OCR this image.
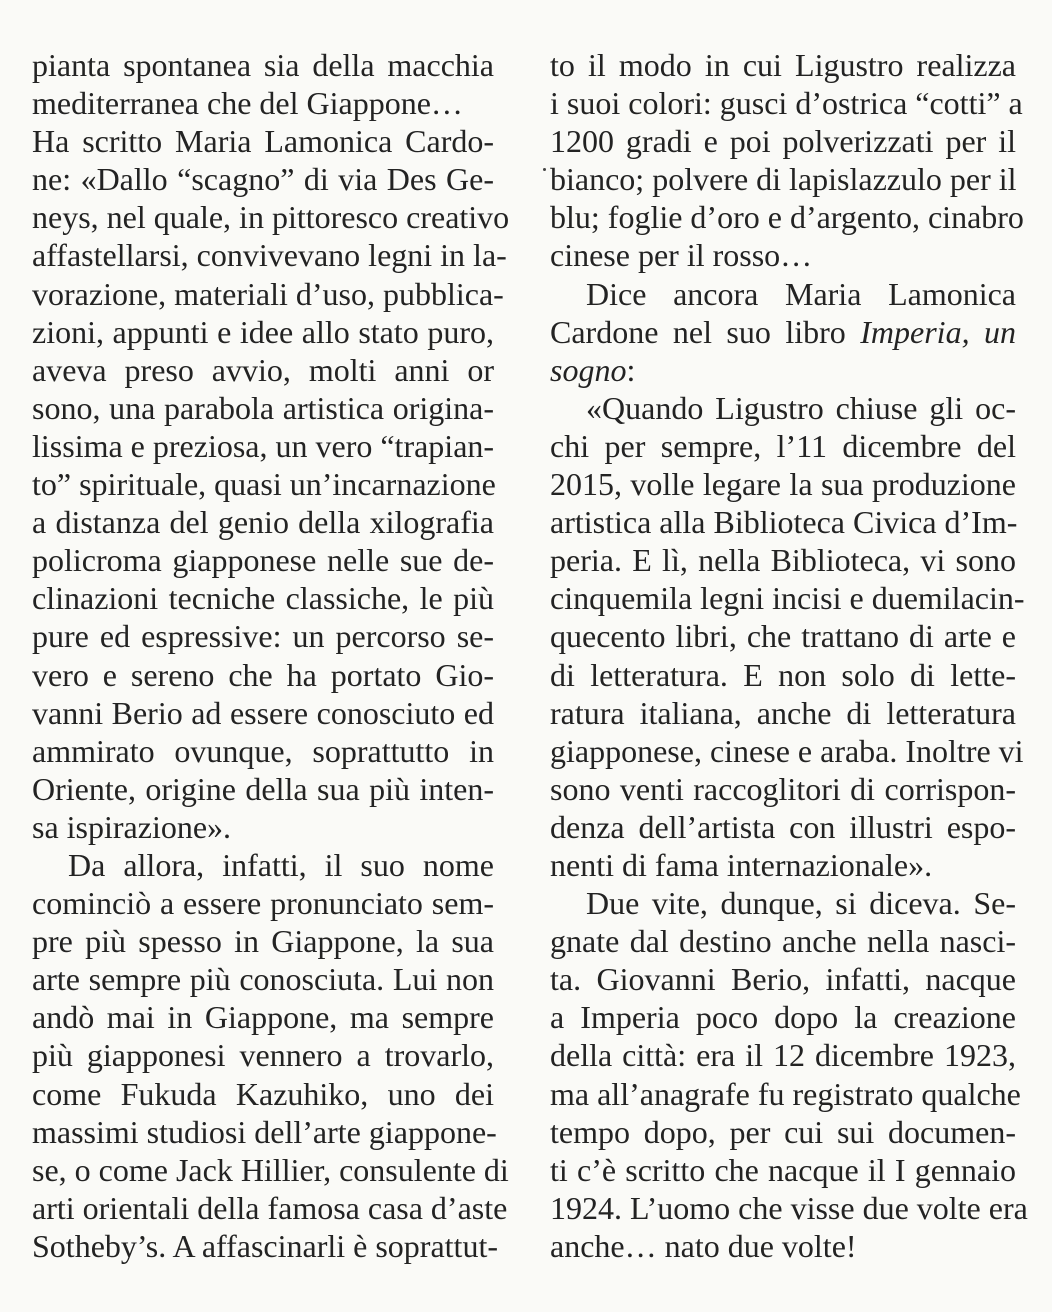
pianta spontanea sia della macchia
mediterranea che del Giappone…
Ha scritto Maria Lamonica Cardo-
ne: «Dallo “scagno” di via Des Ge-
neys, nel quale, in pittoresco creativo
affastellarsi, convivevano legni in la-
vorazione, materiali d’uso, pubblica-
zioni, appunti e idee allo stato puro,
aveva preso avvio, molti anni or
sono, una parabola artistica origina-
lissima e preziosa, un vero “trapian-
to” spirituale, quasi un’incarnazione
a distanza del genio della xilografia
policroma giapponese nelle sue de-
clinazioni tecniche classiche, le più
pure ed espressive: un percorso se-
vero e sereno che ha portato Gio-
vanni Berio ad essere conosciuto ed
ammirato ovunque, soprattutto in
Oriente, origine della sua più inten-
sa ispirazione».
Da allora, infatti, il suo nome
cominciò a essere pronunciato sem-
pre più spesso in Giappone, la sua
arte sempre più conosciuta. Lui non
andò mai in Giappone, ma sempre
più giapponesi vennero a trovarlo,
come Fukuda Kazuhiko, uno dei
massimi studiosi dell’arte giappone-
se, o come Jack Hillier, consulente di
arti orientali della famosa casa d’aste
Sotheby’s. A affascinarli è soprattut-
to il modo in cui Ligustro realizza
i suoi colori: gusci d’ostrica “cotti” a
1200 gradi e poi polverizzati per il
bianco; polvere di lapislazzulo per il
blu; foglie d’oro e d’argento, cinabro
cinese per il rosso…
Dice ancora Maria Lamonica
Cardone nel suo libro Imperia, un
sogno:
«Quando Ligustro chiuse gli oc-
chi per sempre, l’11 dicembre del
2015, volle legare la sua produzione
artistica alla Biblioteca Civica d’Im-
peria. E lì, nella Biblioteca, vi sono
cinquemila legni incisi e duemilacin-
quecento libri, che trattano di arte e
di letteratura. E non solo di lette-
ratura italiana, anche di letteratura
giapponese, cinese e araba. Inoltre vi
sono venti raccoglitori di corrispon-
denza dell’artista con illustri espo-
nenti di fama internazionale».
Due vite, dunque, si diceva. Se-
gnate dal destino anche nella nasci-
ta. Giovanni Berio, infatti, nacque
a Imperia poco dopo la creazione
della città: era il 12 dicembre 1923,
ma all’anagrafe fu registrato qualche
tempo dopo, per cui sui documen-
ti c’è scritto che nacque il I gennaio
1924. L’uomo che visse due volte era
anche… nato due volte!
